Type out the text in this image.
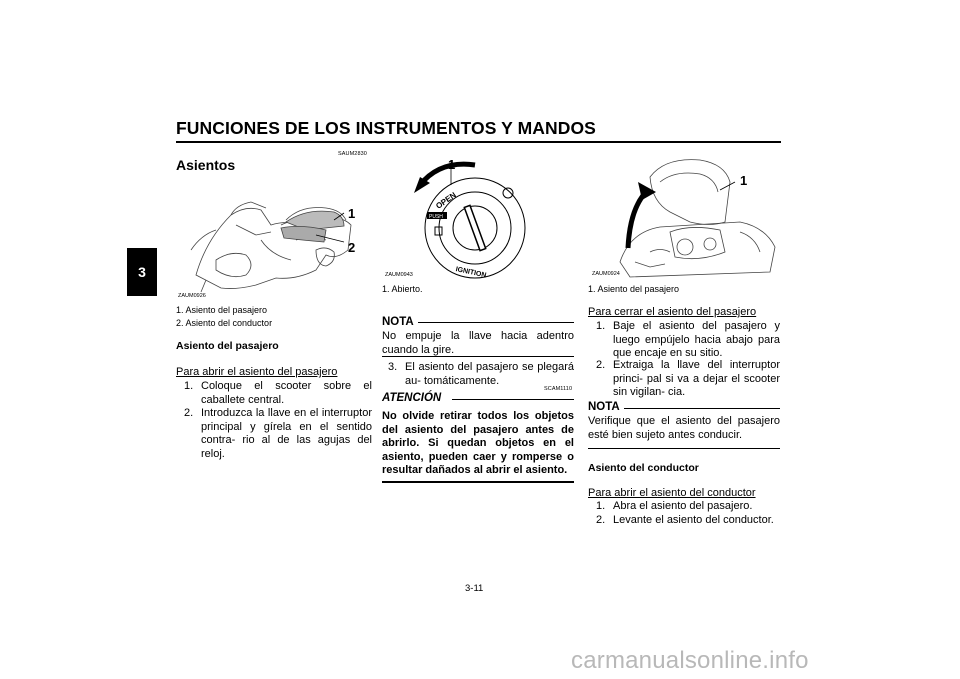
FUNCIONES DE LOS INSTRUMENTOS Y MANDOS
3
SAUM2830
Asientos
1
2
ZAUM0926
1. Asiento del pasajero
2. Asiento del conductor
Asiento del pasajero
Para abrir el asiento del pasajero
1. Coloque el scooter sobre el caballete central.
2. Introduzca la llave en el interruptor principal y gírela en el sentido contra- rio al de las agujas del reloj.
1
OPEN
IGNITION
PUSH
ZAUM0943
1. Abierto.
NOTA
No empuje la llave hacia adentro cuando la gire.
3. El asiento del pasajero se plegará au- tomáticamente.
SCAM1110
ATENCIÓN
No olvide retirar todos los objetos del asiento del pasajero antes de abrirlo. Si quedan objetos en el asiento, pueden caer y romperse o resultar dañados al abrir el asiento.
1
ZAUM0924
1. Asiento del pasajero
Para cerrar el asiento del pasajero
1. Baje el asiento del pasajero y luego empújelo hacia abajo para que encaje en su sitio.
2. Extraiga la llave del interruptor princi- pal si va a dejar el scooter sin vigilan- cia.
NOTA
Verifique que el asiento del pasajero esté bien sujeto antes conducir.
Asiento del conductor
Para abrir el asiento del conductor
1. Abra el asiento del pasajero.
2. Levante el asiento del conductor.
3-11
carmanualsonline.info
